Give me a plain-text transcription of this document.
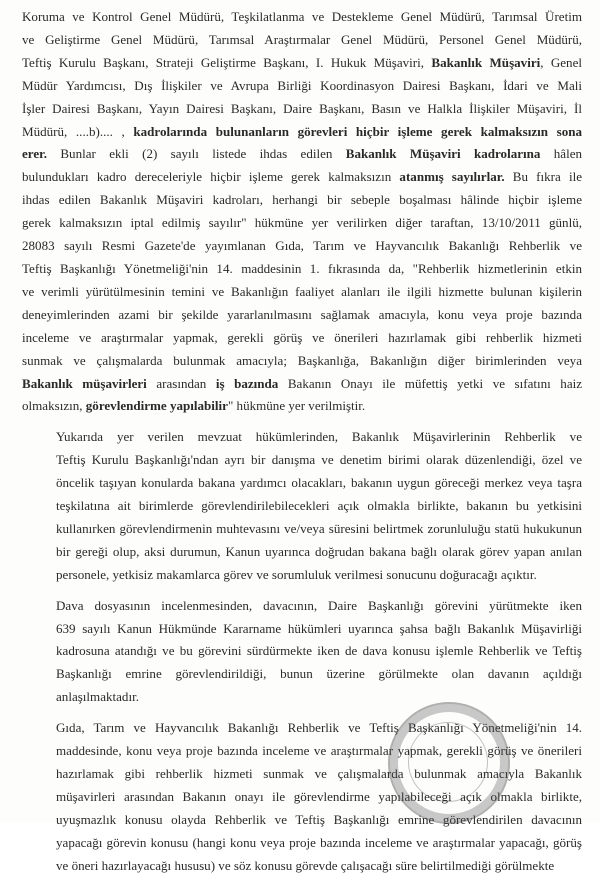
Koruma ve Kontrol Genel Müdürü, Teşkilatlanma ve Destekleme Genel Müdürü, Tarımsal Üretim
ve Geliştirme Genel Müdürü, Tarımsal Araştırmalar Genel Müdürü, Personel Genel Müdürü,
Teftiş Kurulu Başkanı, Strateji Geliştirme Başkanı, I. Hukuk Müşaviri, Bakanlık Müşaviri, Genel
Müdür Yardımcısı, Dış İlişkiler ve Avrupa Birliği Koordinasyon Dairesi Başkanı, İdari ve Mali
İşler Dairesi Başkanı, Yayın Dairesi Başkanı, Daire Başkanı, Basın ve Halkla İlişkiler Müşaviri, İl
Müdürü, ....b).... , kadrolarında bulunanların görevleri hiçbir işleme gerek kalmaksızın sona
erer. Bunlar ekli (2) sayılı listede ihdas edilen Bakanlık Müşaviri kadrolarına hâlen
bulundukları kadro dereceleriyle hiçbir işleme gerek kalmaksızın atanmış sayılırlar. Bu fıkra ile
ihdas edilen Bakanlık Müşaviri kadroları, herhangi bir sebeple boşalması hâlinde hiçbir işleme
gerek kalmaksızın iptal edilmiş sayılır" hükmüne yer verilirken diğer taraftan, 13/10/2011 günlü,
28083 sayılı Resmi Gazete'de yayımlanan Gıda, Tarım ve Hayvancılık Bakanlığı Rehberlik ve
Teftiş Başkanlığı Yönetmeliği'nin 14. maddesinin 1. fıkrasında da, "Rehberlik hizmetlerinin etkin
ve verimli yürütülmesinin temini ve Bakanlığın faaliyet alanları ile ilgili hizmette bulunan kişilerin
deneyimlerinden azami bir şekilde yararlanılmasını sağlamak amacıyla, konu veya proje bazında
inceleme ve araştırmalar yapmak, gerekli görüş ve önerileri hazırlamak gibi rehberlik hizmeti
sunmak ve çalışmalarda bulunmak amacıyla; Başkanlığa, Bakanlığın diğer birimlerinden veya
Bakanlık müşavirleri arasından iş bazında Bakanın Onayı ile müfettiş yetki ve sıfatını haiz
olmaksızın, görevlendirme yapılabilir" hükmüne yer verilmiştir.

Yukarıda yer verilen mevzuat hükümlerinden, Bakanlık Müşavirlerinin Rehberlik ve
Teftiş Kurulu Başkanlığı'ndan ayrı bir danışma ve denetim birimi olarak düzenlendiği, özel ve
öncelik taşıyan konularda bakana yardımcı olacakları, bakanın uygun göreceği merkez veya taşra
teşkilatına ait birimlerde görevlendirilebilecekleri açık olmakla birlikte, bakanın bu yetkisini
kullanırken görevlendirmenin muhtevasını ve/veya süresini belirtmek zorunluluğu statü hukukunun
bir gereği olup, aksi durumun, Kanun uyarınca doğrudan bakana bağlı olarak görev yapan anılan
personele, yetkisiz makamlarca görev ve sorumluluk verilmesi sonucunu doğuracağı açıktır.

Dava dosyasının incelenmesinden, davacının, Daire Başkanlığı görevini yürütmekte iken
639 sayılı Kanun Hükmünde Kararname hükümleri uyarınca şahsa bağlı Bakanlık Müşavirliği
kadrosuna atandığı ve bu görevini sürdürmekte iken de dava konusu işlemle Rehberlik ve Teftiş
Başkanlığı emrine görevlendirildiği, bunun üzerine görülmekte olan davanın açıldığı
anlaşılmaktadır.

Gıda, Tarım ve Hayvancılık Bakanlığı Rehberlik ve Teftiş Başkanlığı Yönetmeliği'nin 14.
maddesinde, konu veya proje bazında inceleme ve araştırmalar yapmak, gerekli görüş ve önerileri
hazırlamak gibi rehberlik hizmeti sunmak ve çalışmalarda bulunmak amacıyla Bakanlık
müşavirleri arasından Bakanın onayı ile görevlendirme yapılabileceği açık olmakla birlikte,
uyuşmazlık konusu olayda Rehberlik ve Teftiş Başkanlığı emrine görevlendirilen davacının
yapacağı görevin konusu (hangi konu veya proje bazında inceleme ve araştırmalar yapacağı, görüş
ve öneri hazırlayacağı hususu) ve söz konusu görevde çalışacağı süre belirtilmediği görülmekte
